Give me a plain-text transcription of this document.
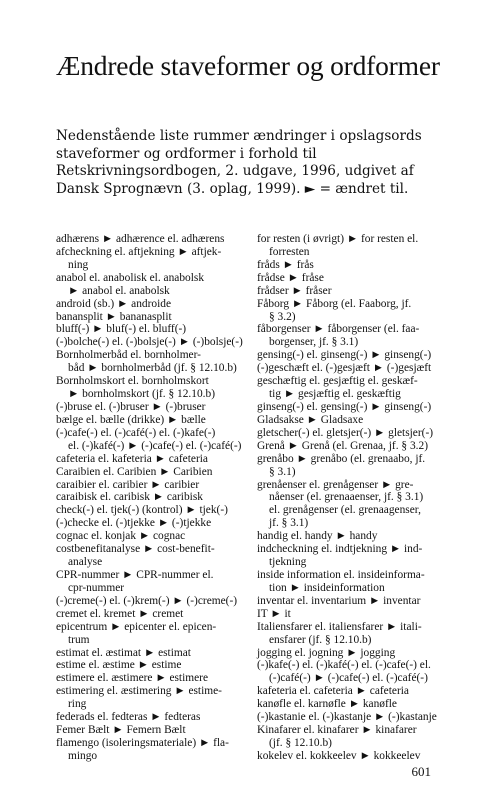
Ændrede staveformer og ordformer

Nedenstående liste rummer ændringer i opslagsords staveformer og ordformer i forhold til Retskrivningsordbogen, 2. udgave, 1996, udgivet af Dansk Sprognævn (3. oplag, 1999). ► = ændret til.

adhærens ► adhærence el. adhærens
afcheckning el. aftjekning ► aftjek-
ning
anabol el. anabolisk el. anabolsk
► anabol el. anabolsk
android (sb.) ► androide
banansplit ► bananasplit
bluff(-) ► bluf(-) el. bluff(-)
(-)bolche(-) el. (-)bolsje(-) ► (-)bolsje(-)
Bornholmerbåd el. bornholmer-
båd ► bornholmerbåd (jf. § 12.10.b)
Bornholmskort el. bornholmskort
► bornholmskort (jf. § 12.10.b)
(-)bruse el. (-)bruser ► (-)bruser
bælge el. bælle (drikke) ► bælle
(-)cafe(-) el. (-)café(-) el. (-)kafe(-)
el. (-)kafé(-) ► (-)cafe(-) el. (-)café(-)
cafeteria el. kafeteria ► cafeteria
Caraibien el. Caribien ► Caribien
caraibier el. caribier ► caribier
caraibisk el. caribisk ► caribisk
check(-) el. tjek(-) (kontrol) ► tjek(-)
(-)checke el. (-)tjekke ► (-)tjekke
cognac el. konjak ► cognac
costbenefitanalyse ► cost-benefit-
analyse
CPR-nummer ► CPR-nummer el.
cpr-nummer
(-)creme(-) el. (-)krem(-) ► (-)creme(-)
cremet el. kremet ► cremet
epicentrum ► epicenter el. epicen-
trum
estimat el. æstimat ► estimat
estime el. æstime ► estime
estimere el. æstimere ► estimere
estimering el. æstimering ► estime-
ring
federads el. fedteras ► fedteras
Femer Bælt ► Femern Bælt
flamengo (isoleringsmateriale) ► fla-
mingo
for resten (i øvrigt) ► for resten el.
forresten
fråds ► frås
frådse ► fråse
frådser ► fråser
Fåborg ► Fåborg (el. Faaborg, jf.
§ 3.2)
fåborgenser ► fåborgenser (el. faa-
borgenser, jf. § 3.1)
gensing(-) el. ginseng(-) ► ginseng(-)
(-)geschæft el. (-)gesjæft ► (-)gesjæft
geschæftig el. gesjæftig el. geskæf-
tig ► gesjæftig el. geskæftig
ginseng(-) el. gensing(-) ► ginseng(-)
Gladsakse ► Gladsaxe
gletscher(-) el. gletsjer(-) ► gletsjer(-)
Grenå ► Grenå (el. Grenaa, jf. § 3.2)
grenåbo ► grenåbo (el. grenaabo, jf.
§ 3.1)
grenåenser el. grenågenser ► gre-
nåenser (el. grenaaenser, jf. § 3.1)
el. grenågenser (el. grenaagenser,
jf. § 3.1)
handig el. handy ► handy
indcheckning el. indtjekning ► ind-
tjekning
inside information el. insideinforma-
tion ► insideinformation
inventar el. inventarium ► inventar
IT ► it
Italiensfarer el. italiensfarer ► itali-
ensfarer (jf. § 12.10.b)
jogging el. jogning ► jogging
(-)kafe(-) el. (-)kafé(-) el. (-)cafe(-) el.
(-)café(-) ► (-)cafe(-) el. (-)café(-)
kafeteria el. cafeteria ► cafeteria
kanøfle el. karnøfle ► kanøfle
(-)kastanie el. (-)kastanje ► (-)kastanje
Kinafarer el. kinafarer ► kinafarer
(jf. § 12.10.b)
kokelev el. kokkeelev ► kokkeelev
601
